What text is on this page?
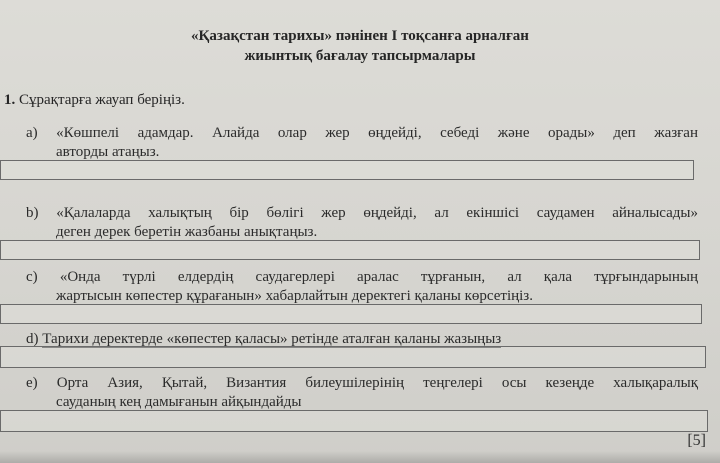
«Қазақстан тарихы» пәнінен I тоқсанға арналған
жиынтық бағалау тапсырмалары
1. Сұрақтарға жауап беріңіз.
a) «Көшпелі адамдар. Алайда олар жер өңдейді, себеді және орады» деп жазған
авторды атаңыз.
b) «Қалаларда халықтың бір бөлігі жер өңдейді, ал екіншісі саудамен айналысады»
деген дерек беретін жазбаны анықтаңыз.
c) «Онда түрлі елдердің саудагерлері аралас тұрғанын, ал қала тұрғындарының
жартысын көпестер құрағанын» хабарлайтын деректегі қаланы көрсетіңіз.
d) Тарихи деректерде «көпестер қаласы» ретінде аталған қаланы жазыңыз
e) Орта Азия, Қытай, Византия билеушілерінің теңгелері осы кезеңде халықаралық
сауданың кең дамығанын айқындайды
[5]
